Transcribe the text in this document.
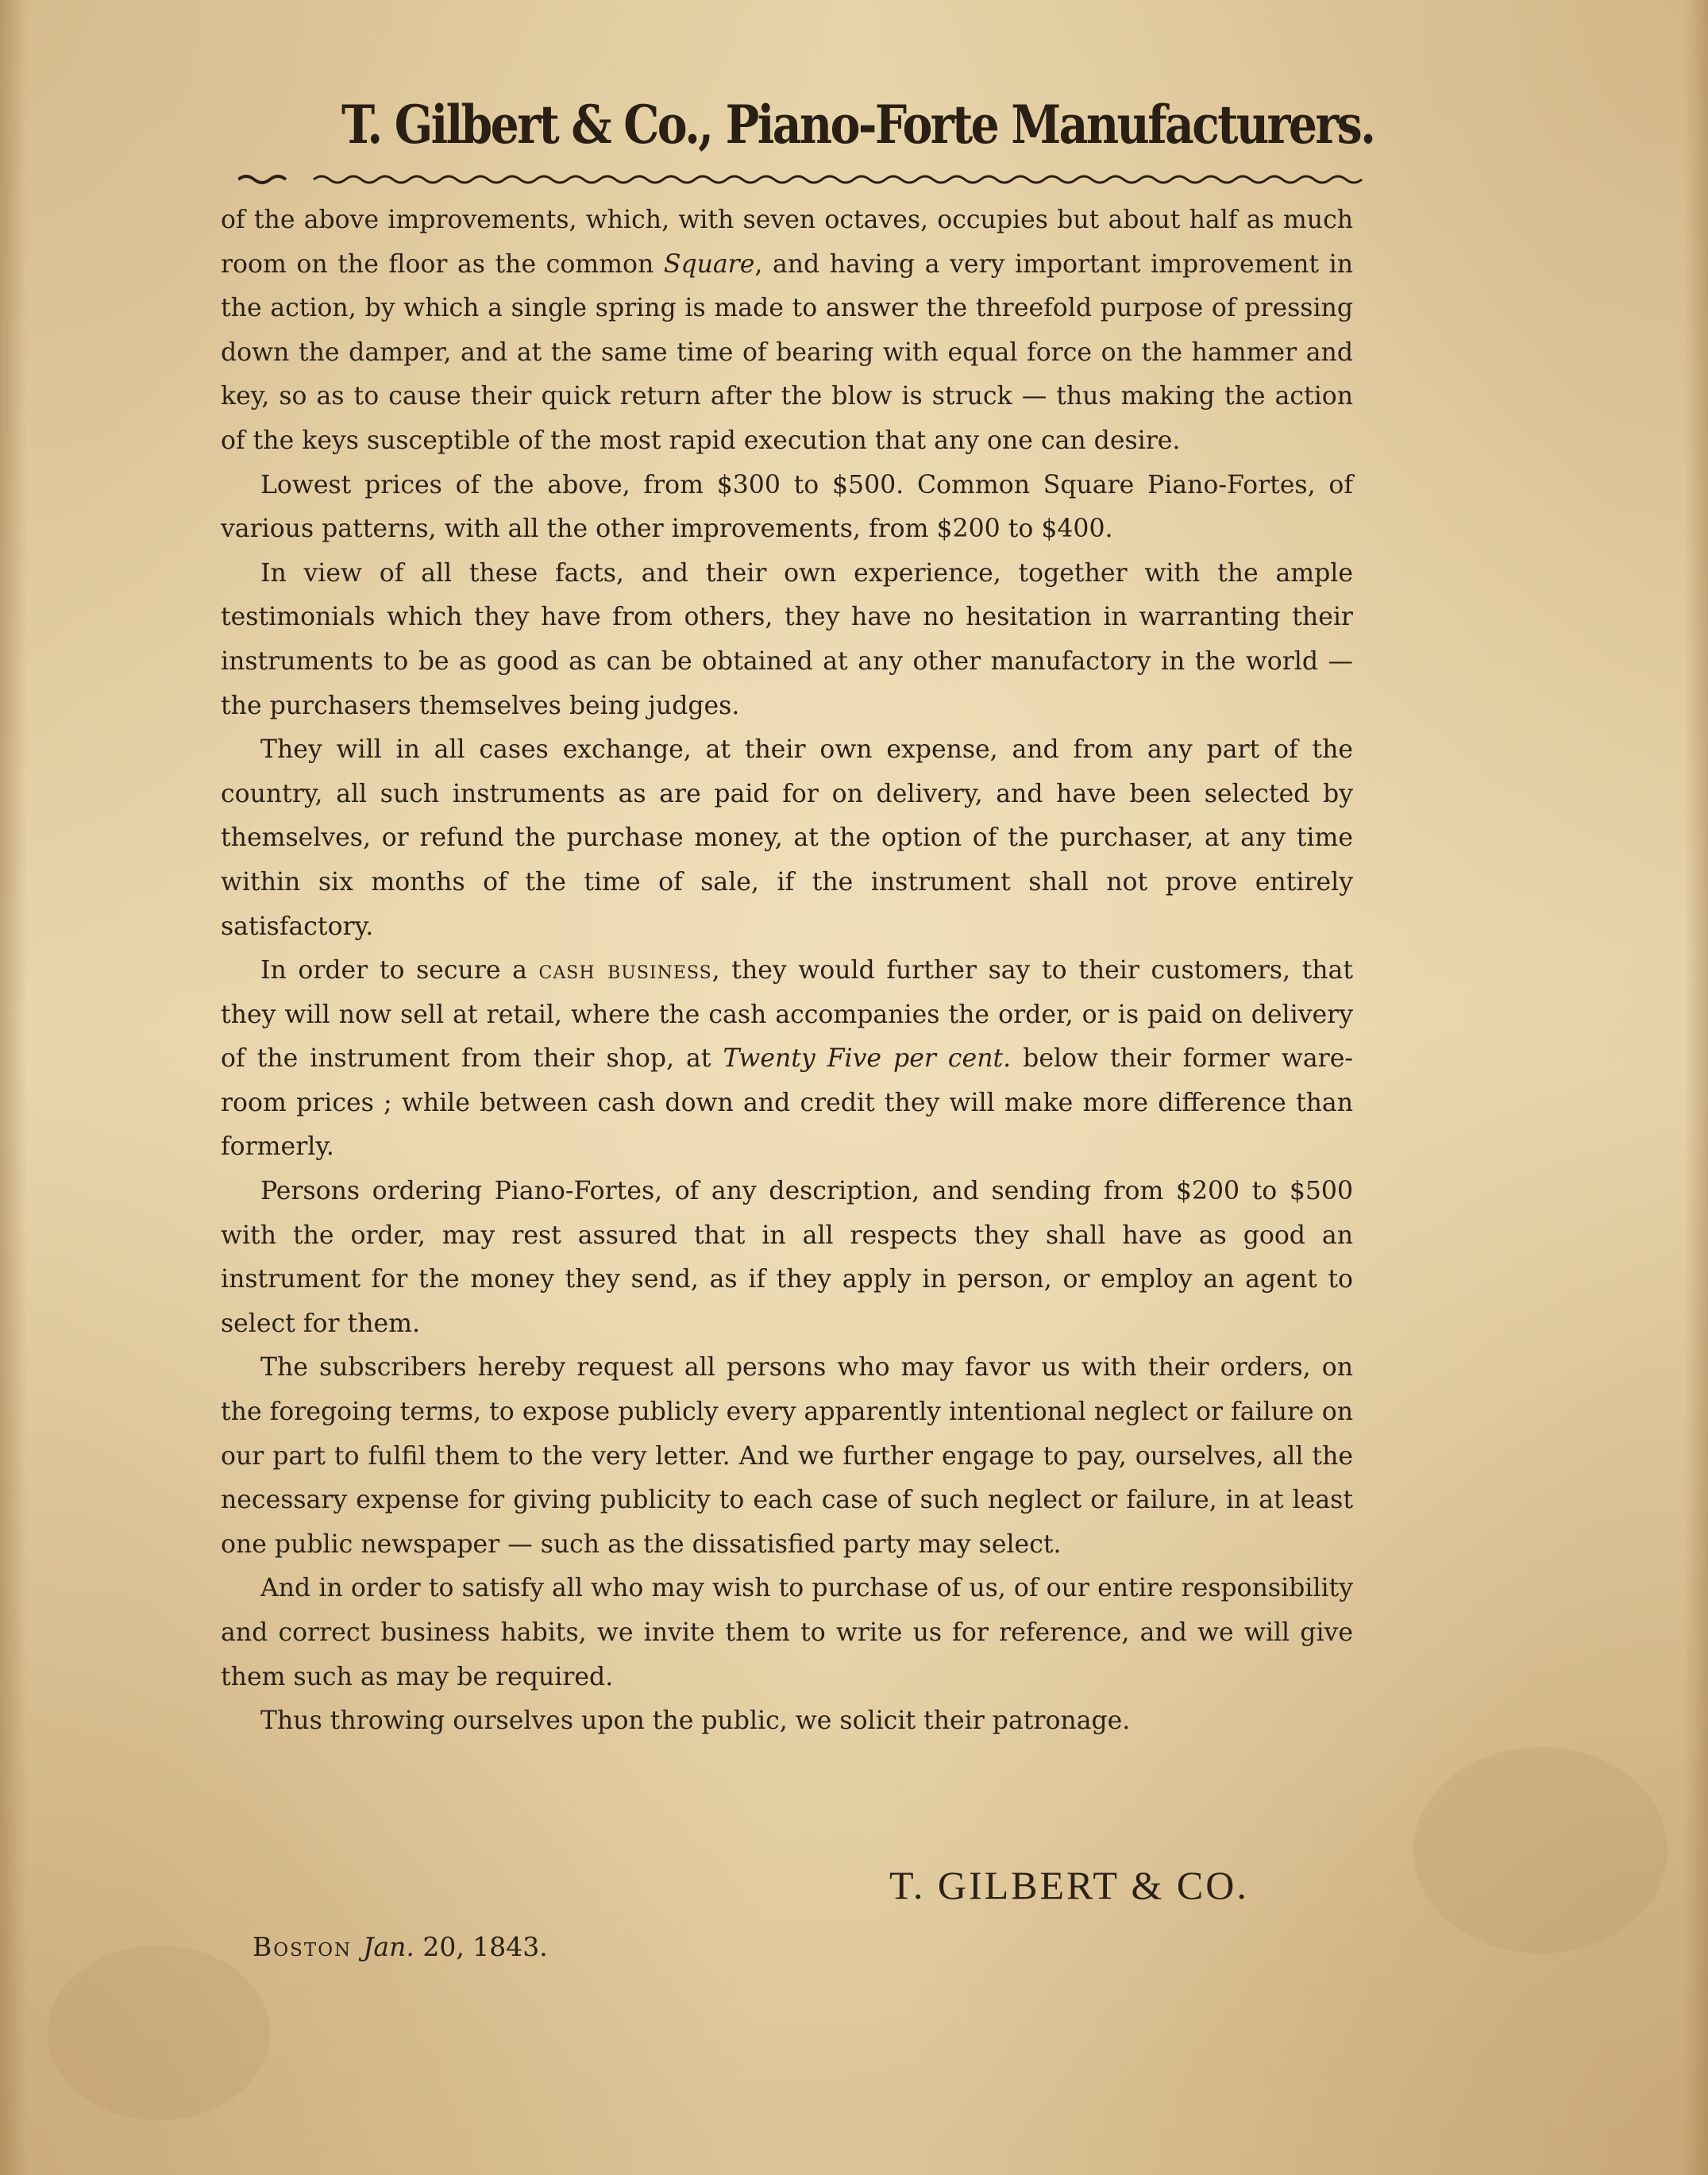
T. Gilbert & Co., Piano-Forte Manufacturers.

of the above improvements, which, with seven octaves, occupies but about half as much room on the floor as the common Square, and having a very important improvement in the action, by which a single spring is made to answer the threefold purpose of pressing down the damper, and at the same time of bearing with equal force on the hammer and key, so as to cause their quick return after the blow is struck — thus making the action of the keys susceptible of the most rapid execution that any one can desire.

Lowest prices of the above, from $300 to $500. Common Square Piano-Fortes, of various patterns, with all the other improvements, from $200 to $400.

In view of all these facts, and their own experience, together with the ample testimonials which they have from others, they have no hesitation in warranting their instruments to be as good as can be obtained at any other manufactory in the world — the purchasers themselves being judges.

They will in all cases exchange, at their own expense, and from any part of the country, all such instruments as are paid for on delivery, and have been selected by themselves, or refund the purchase money, at the option of the purchaser, at any time within six months of the time of sale, if the instrument shall not prove entirely satisfactory.

In order to secure a cash business, they would further say to their customers, that they will now sell at retail, where the cash accompanies the order, or is paid on delivery of the instrument from their shop, at Twenty Five per cent. below their former ware-room prices ; while between cash down and credit they will make more difference than formerly.

Persons ordering Piano-Fortes, of any description, and sending from $200 to $500 with the order, may rest assured that in all respects they shall have as good an instrument for the money they send, as if they apply in person, or employ an agent to select for them.

The subscribers hereby request all persons who may favor us with their orders, on the foregoing terms, to expose publicly every apparently intentional neglect or failure on our part to fulfil them to the very letter. And we further engage to pay, ourselves, all the necessary expense for giving publicity to each case of such neglect or failure, in at least one public newspaper — such as the dissatisfied party may select.

And in order to satisfy all who may wish to purchase of us, of our entire responsibility and correct business habits, we invite them to write us for reference, and we will give them such as may be required.

Thus throwing ourselves upon the public, we solicit their patronage.

T. GILBERT & CO.
Boston Jan. 20, 1843.
